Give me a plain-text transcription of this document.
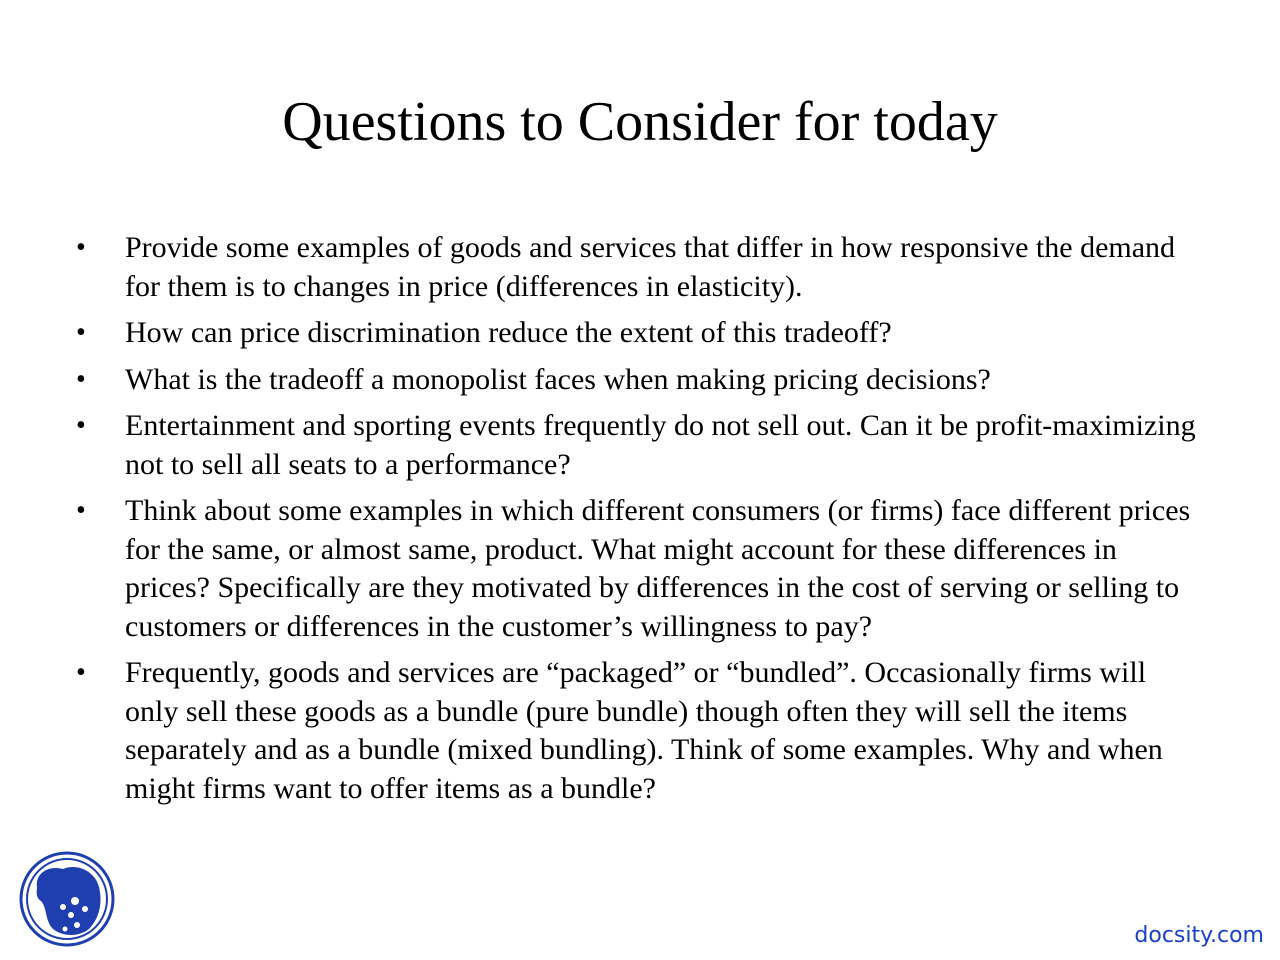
Questions to Consider for today
• Provide some examples of goods and services that differ in how responsive the demand for them is to changes in price (differences in elasticity).
• How can price discrimination reduce the extent of this tradeoff?
• What is the tradeoff a monopolist faces when making pricing decisions?
• Entertainment and sporting events frequently do not sell out. Can it be profit-maximizing not to sell all seats to a performance?
• Think about some examples in which different consumers (or firms) face different prices for the same, or almost same, product. What might account for these differences in prices? Specifically are they motivated by differences in the cost of serving or selling to customers or differences in the customer’s willingness to pay?
• Frequently, goods and services are “packaged” or “bundled”. Occasionally firms will only sell these goods as a bundle (pure bundle) though often they will sell the items separately and as a bundle (mixed bundling). Think of some examples. Why and when might firms want to offer items as a bundle?
docsity.com
